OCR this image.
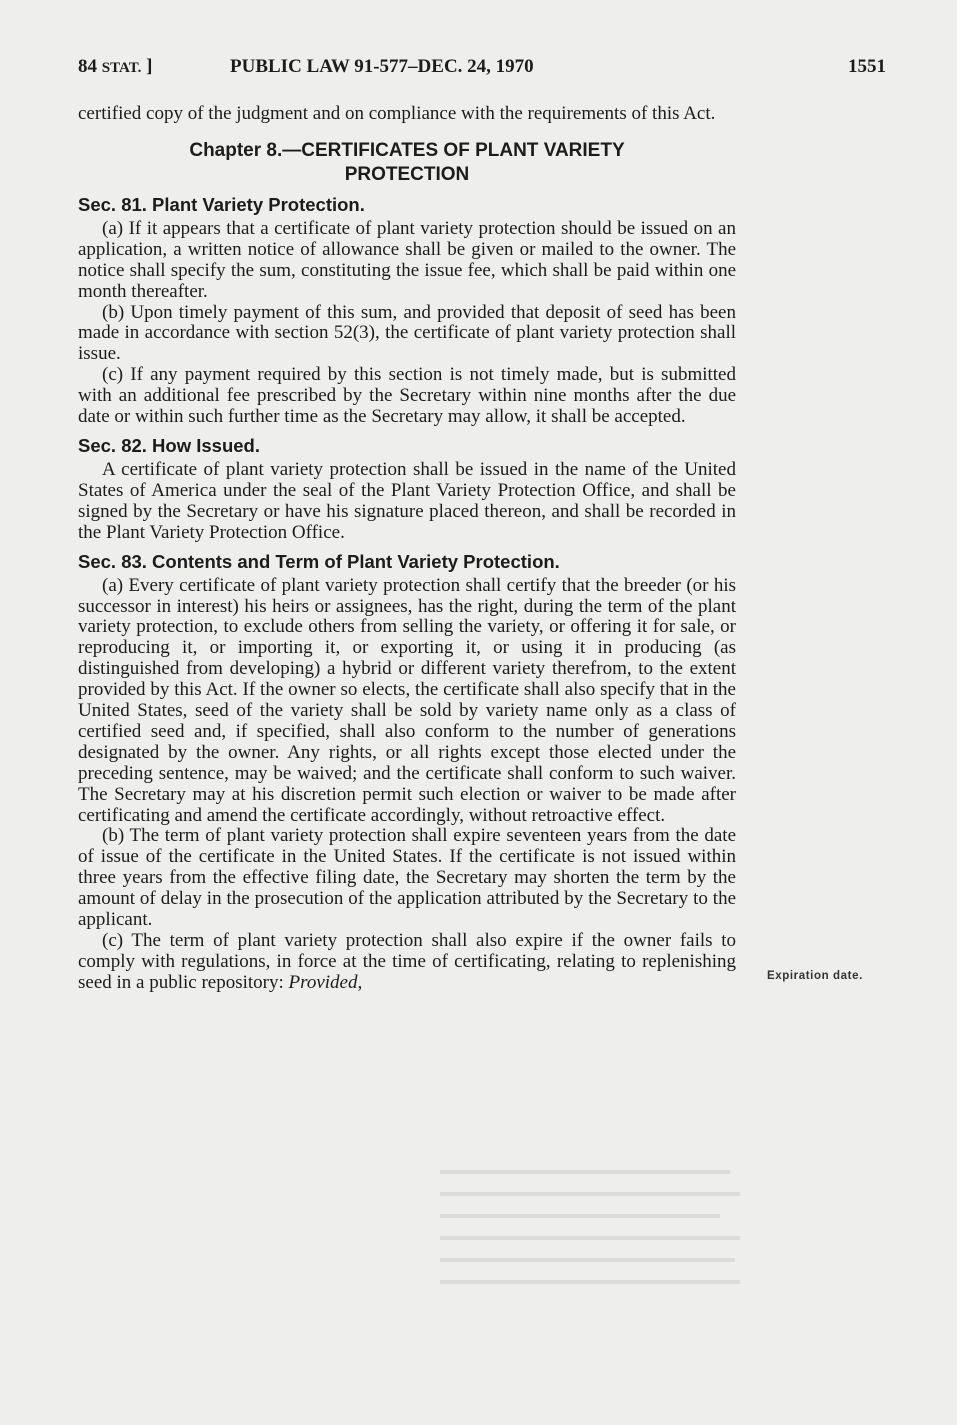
84 STAT. ]	PUBLIC LAW 91-577–DEC. 24, 1970	1551

certified copy of the judgment and on compliance with the requirements of this Act.

Chapter 8.—CERTIFICATES OF PLANT VARIETY
PROTECTION
Sec. 81. Plant Variety Protection.

(a) If it appears that a certificate of plant variety protection should be issued on an application, a written notice of allowance shall be given or mailed to the owner. The notice shall specify the sum, constituting the issue fee, which shall be paid within one month thereafter.

(b) Upon timely payment of this sum, and provided that deposit of seed has been made in accordance with section 52(3), the certificate of plant variety protection shall issue.

(c) If any payment required by this section is not timely made, but is submitted with an additional fee prescribed by the Secretary within nine months after the due date or within such further time as the Secretary may allow, it shall be accepted.

Sec. 82. How Issued.

A certificate of plant variety protection shall be issued in the name of the United States of America under the seal of the Plant Variety Protection Office, and shall be signed by the Secretary or have his signature placed thereon, and shall be recorded in the Plant Variety Protection Office.

Sec. 83. Contents and Term of Plant Variety Protection.

(a) Every certificate of plant variety protection shall certify that the breeder (or his successor in interest) his heirs or assignees, has the right, during the term of the plant variety protection, to exclude others from selling the variety, or offering it for sale, or reproducing it, or importing it, or exporting it, or using it in producing (as distinguished from developing) a hybrid or different variety therefrom, to the extent provided by this Act. If the owner so elects, the certificate shall also specify that in the United States, seed of the variety shall be sold by variety name only as a class of certified seed and, if specified, shall also conform to the number of generations designated by the owner. Any rights, or all rights except those elected under the preceding sentence, may be waived; and the certificate shall conform to such waiver. The Secretary may at his discretion permit such election or waiver to be made after certificating and amend the certificate accordingly, without retroactive effect.

(b) The term of plant variety protection shall expire seventeen years from the date of issue of the certificate in the United States. If the certificate is not issued within three years from the effective filing date, the Secretary may shorten the term by the amount of delay in the prosecution of the application attributed by the Secretary to the applicant.

(c) The term of plant variety protection shall also expire if the owner fails to comply with regulations, in force at the time of certificating, relating to replenishing seed in a public repository: Provided,	Expiration date.
